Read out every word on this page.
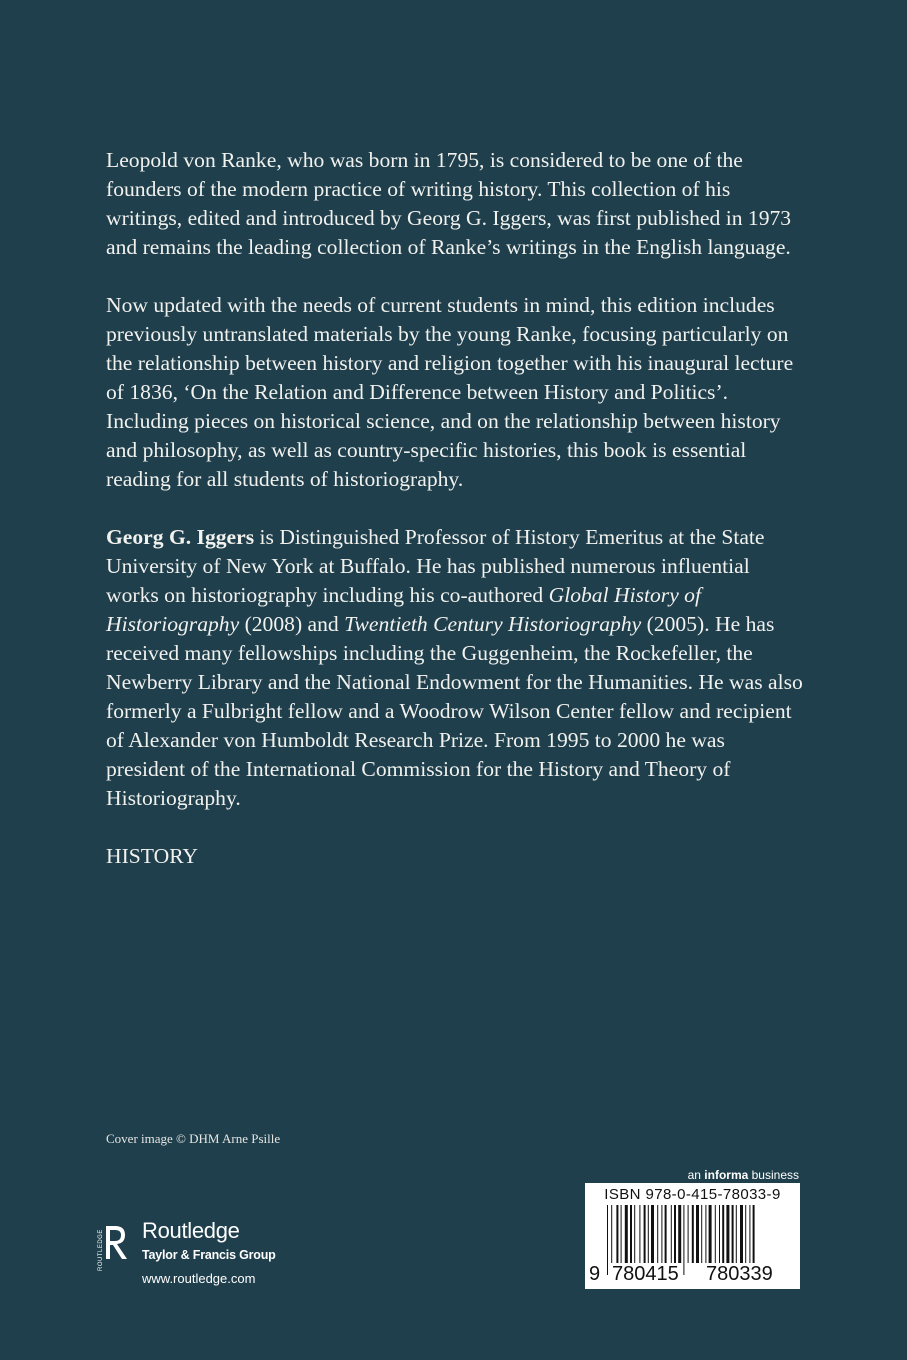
Leopold von Ranke, who was born in 1795, is considered to be one of the founders of the modern practice of writing history. This collection of his writings, edited and introduced by Georg G. Iggers, was first published in 1973 and remains the leading collection of Ranke’s writings in the English language.

Now updated with the needs of current students in mind, this edition includes previously untranslated materials by the young Ranke, focusing particularly on the relationship between history and religion together with his inaugural lecture of 1836, ‘On the Relation and Difference between History and Politics’. Including pieces on historical science, and on the relationship between history and philosophy, as well as country-specific histories, this book is essential reading for all students of historiography.

Georg G. Iggers is Distinguished Professor of History Emeritus at the State University of New York at Buffalo. He has published numerous influential works on historiography including his co-authored Global History of Historiography (2008) and Twentieth Century Historiography (2005). He has received many fellowships including the Guggenheim, the Rockefeller, the Newberry Library and the National Endowment for the Humanities. He was also formerly a Fulbright fellow and a Woodrow Wilson Center fellow and recipient of Alexander von Humboldt Research Prize. From 1995 to 2000 he was president of the International Commission for the History and Theory of Historiography.

HISTORY

Cover image © DHM Arne Psille
ROUTLEDGE Routledge
Taylor & Francis Group
www.routledge.com
an informa business
ISBN 978-0-415-78033-9
9 780415 780339
